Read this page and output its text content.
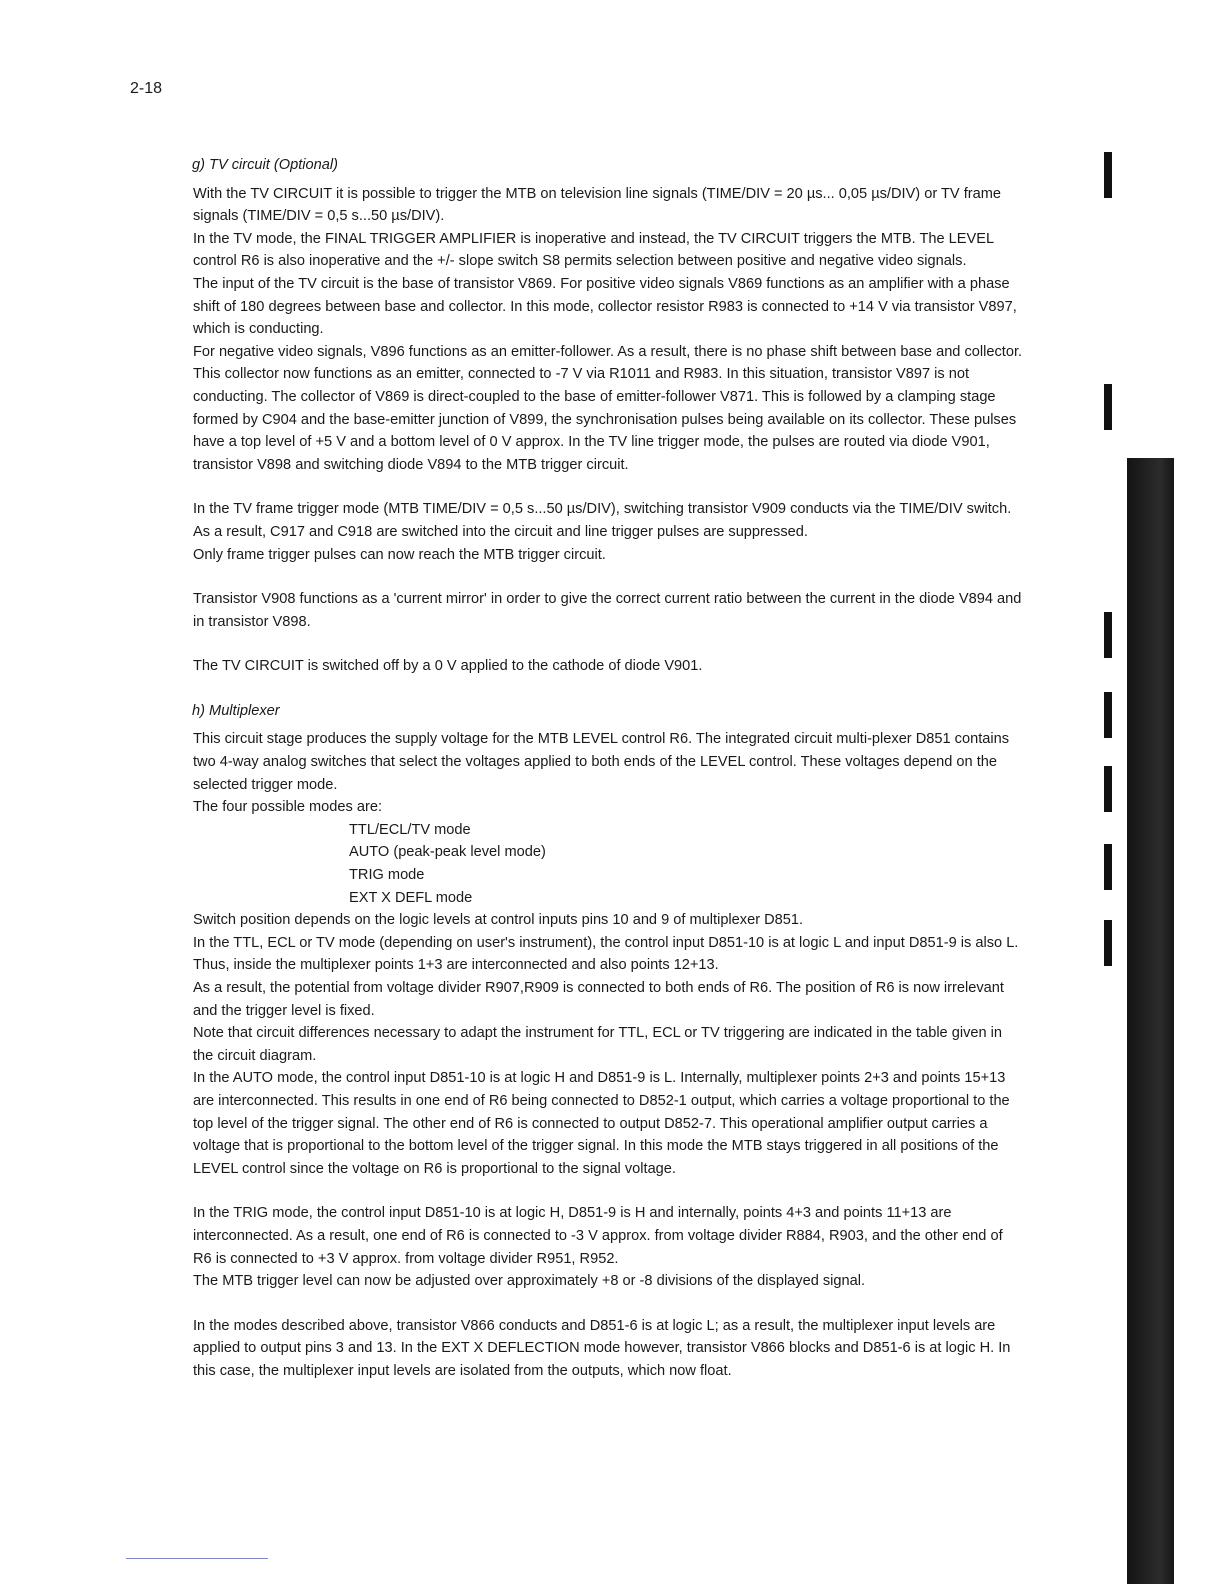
2-18
g) TV circuit (Optional)

With the TV CIRCUIT it is possible to trigger the MTB on television line signals (TIME/DIV = 20 µs... 0,05 µs/DIV) or TV frame signals (TIME/DIV = 0,5 s...50 µs/DIV).

In the TV mode, the FINAL TRIGGER AMPLIFIER is inoperative and instead, the TV CIRCUIT triggers the MTB. The LEVEL control R6 is also inoperative and the +/- slope switch S8 permits selection between positive and negative video signals.

The input of the TV circuit is the base of transistor V869. For positive video signals V869 functions as an amplifier with a phase shift of 180 degrees between base and collector. In this mode, collector resistor R983 is connected to +14 V via transistor V897, which is conducting.

For negative video signals, V896 functions as an emitter-follower. As a result, there is no phase shift between base and collector. This collector now functions as an emitter, connected to -7 V via R1011 and R983. In this situation, transistor V897 is not conducting. The collector of V869 is direct-coupled to the base of emitter-follower V871. This is followed by a clamping stage formed by C904 and the base-emitter junction of V899, the synchronisation pulses being available on its collector. These pulses have a top level of +5 V and a bottom level of 0 V approx. In the TV line trigger mode, the pulses are routed via diode V901, transistor V898 and switching diode V894 to the MTB trigger circuit.

In the TV frame trigger mode (MTB TIME/DIV = 0,5 s...50 µs/DIV), switching transistor V909 conducts via the TIME/DIV switch. As a result, C917 and C918 are switched into the circuit and line trigger pulses are suppressed.

Only frame trigger pulses can now reach the MTB trigger circuit.

Transistor V908 functions as a 'current mirror' in order to give the correct current ratio between the current in the diode V894 and in transistor V898.

The TV CIRCUIT is switched off by a 0 V applied to the cathode of diode V901.

h) Multiplexer

This circuit stage produces the supply voltage for the MTB LEVEL control R6. The integrated circuit multi-plexer D851 contains two 4-way analog switches that select the voltages applied to both ends of the LEVEL control. These voltages depend on the selected trigger mode.

The four possible modes are:

TTL/ECL/TV mode
AUTO (peak-peak level mode)
TRIG mode
EXT X DEFL mode

Switch position depends on the logic levels at control inputs pins 10 and 9 of multiplexer D851.

In the TTL, ECL or TV mode (depending on user's instrument), the control input D851-10 is at logic L and input D851-9 is also L. Thus, inside the multiplexer points 1+3 are interconnected and also points 12+13.

As a result, the potential from voltage divider R907,R909 is connected to both ends of R6. The position of R6 is now irrelevant and the trigger level is fixed.

Note that circuit differences necessary to adapt the instrument for TTL, ECL or TV triggering are indicated in the table given in the circuit diagram.

In the AUTO mode, the control input D851-10 is at logic H and D851-9 is L. Internally, multiplexer points 2+3 and points 15+13 are interconnected. This results in one end of R6 being connected to D852-1 output, which carries a voltage proportional to the top level of the trigger signal. The other end of R6 is connected to output D852-7. This operational amplifier output carries a voltage that is proportional to the bottom level of the trigger signal. In this mode the MTB stays triggered in all positions of the LEVEL control since the voltage on R6 is proportional to the signal voltage.

In the TRIG mode, the control input D851-10 is at logic H, D851-9 is H and internally, points 4+3 and points 11+13 are interconnected. As a result, one end of R6 is connected to -3 V approx. from voltage divider R884, R903, and the other end of R6 is connected to +3 V approx. from voltage divider R951, R952.

The MTB trigger level can now be adjusted over approximately +8 or -8 divisions of the displayed signal.

In the modes described above, transistor V866 conducts and D851-6 is at logic L; as a result, the multiplexer input levels are applied to output pins 3 and 13. In the EXT X DEFLECTION mode however, transistor V866 blocks and D851-6 is at logic H. In this case, the multiplexer input levels are isolated from the outputs, which now float.
